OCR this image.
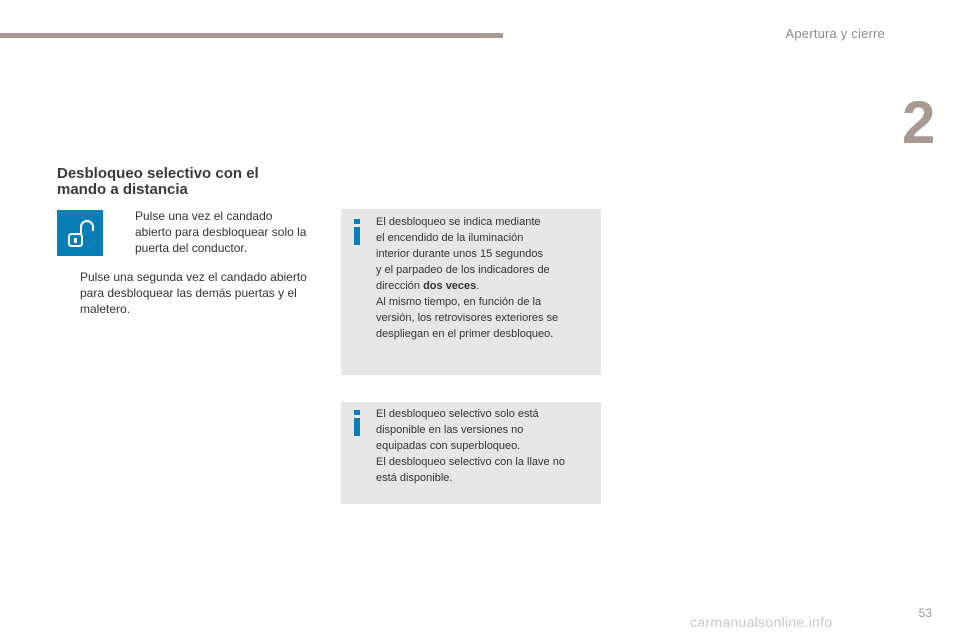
Apertura y cierre
2
Desbloqueo selectivo con el
mando a distancia
Pulse una vez el candado
abierto para desbloquear solo la
puerta del conductor.
Pulse una segunda vez el candado abierto
para desbloquear las demás puertas y el
maletero.

El desbloqueo se indica mediante

el encendido de la iluminación

interior durante unos 15 segundos

y el parpadeo de los indicadores de

dirección dos veces.

Al mismo tiempo, en función de la

versión, los retrovisores exteriores se

despliegan en el primer desbloqueo.

El desbloqueo selectivo solo está

disponible en las versiones no

equipadas con superbloqueo.

El desbloqueo selectivo con la llave no

está disponible.

53
carmanualsonline.info
